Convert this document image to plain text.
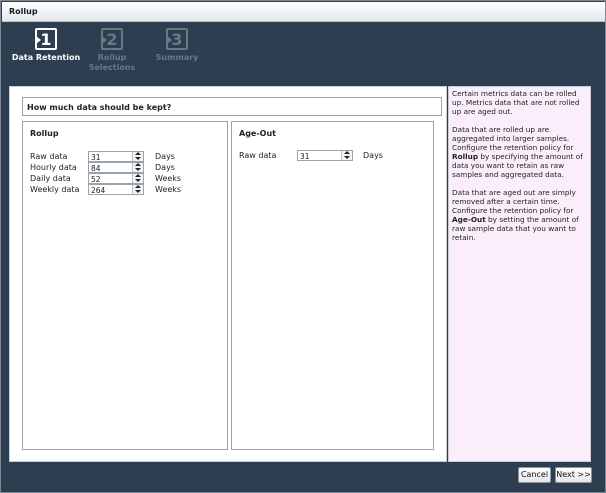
Rollup
1
Data Retention
2
Rollup
Selections
3
Summary
How much data should be kept?
Rollup
Raw data	31	Days
Hourly data 84	Days
Daily data	52	Weeks
Weekly data 264	Weeks
Age-Out
Raw data	31	Days

Certain metrics data can be rolled up. Metrics data that are not rolled up are aged out.

Data that are rolled up are aggregated into larger samples. Configure the retention policy for Rollup by specifying the amount of data you want to retain as raw samples and aggregated data.

Data that are aged out are simply removed after a certain time. Configure the retention policy for Age-Out by setting the amount of raw sample data that you want to retain.

Cancel	Next >>
